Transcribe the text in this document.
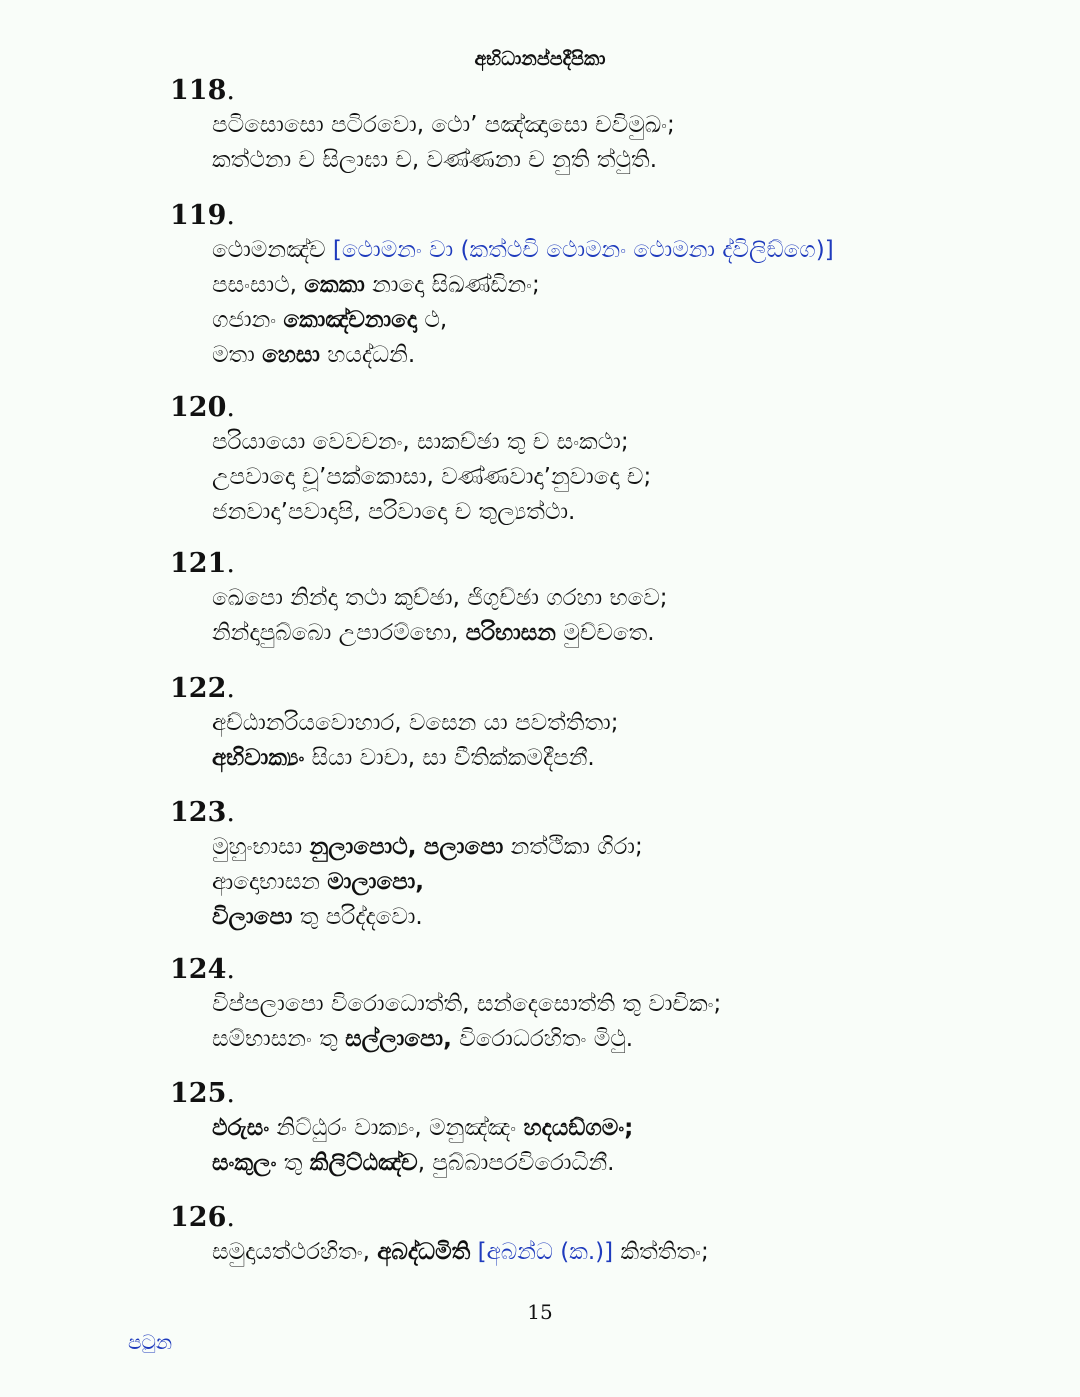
අභිධානප්පදීපිකා
118.
පටිසොසො පටිරවො, ථො’ පඤ්ඤාසො චවිමුඛං;
කත්ථනා ච සිලාඝා ච, වණ්ණනා ච නුති ත්ථුති.
119.
ථොමනඤ්ච [ථොමනං වා (කත්ථචි ථොමනං ථොමනා ද්විලිඞ්ගෙ)]
පසංසාථ, කෙකා නාදො සිඛණ්ඩිනං;
ගජානං කොඤ්චනාදො ථ,
මතා හෙසා හයද්ධනි.
120.
පරියායො වෙවචනං, සාකච්ඡා තු ච සංකථා;
උපවාදො චූ’පක්කොසා, වණ්ණවාදා’නුවාදො ච;
ජනවාදා’පවාදාපි, පරිවාදො ච තුල්‍යත්ථා.
121.
ඛෙපො නින්දා තථා කුච්ඡා, ජිගුච්ඡා ගරහා භවෙ;
නින්දාපුබ්බො උපාරම්භො, පරිභාසන මුච්චතෙ.
122.
අච්ඨානරියවොහාර, වසෙන යා පවත්තිතා;
අභිවාක්‍යං සියා වාචා, සා වීතික්කමදීපනී.
123.
මුහුංභාසා නුලාපොථ, පලාපො නත්ථිකා ගිරා;
ආදොභාසන මාලාපො,
විලාපො තු පරිද්දවො.
124.
විප්පලාපො විරොධොත්ති, සන්දෙසොත්ති තු වාචිකං;
සම්භාසනං තු සල්ලාපො, විරොධරහිතං මිථු.
125.
ඵරුසං නිට්ඨුරං වාක්‍යං, මනුඤ්ඤං හදයඞ්ගමං;
සංකුලං තු කිලිට්ඨඤ්ච, පුබ්බාපරවිරොධිනී.
126.
සමුදායත්ථරහිතං, අබද්ධමිති [අබන්ධ (ක.)] කිත්තිතං;
15
පටුන
